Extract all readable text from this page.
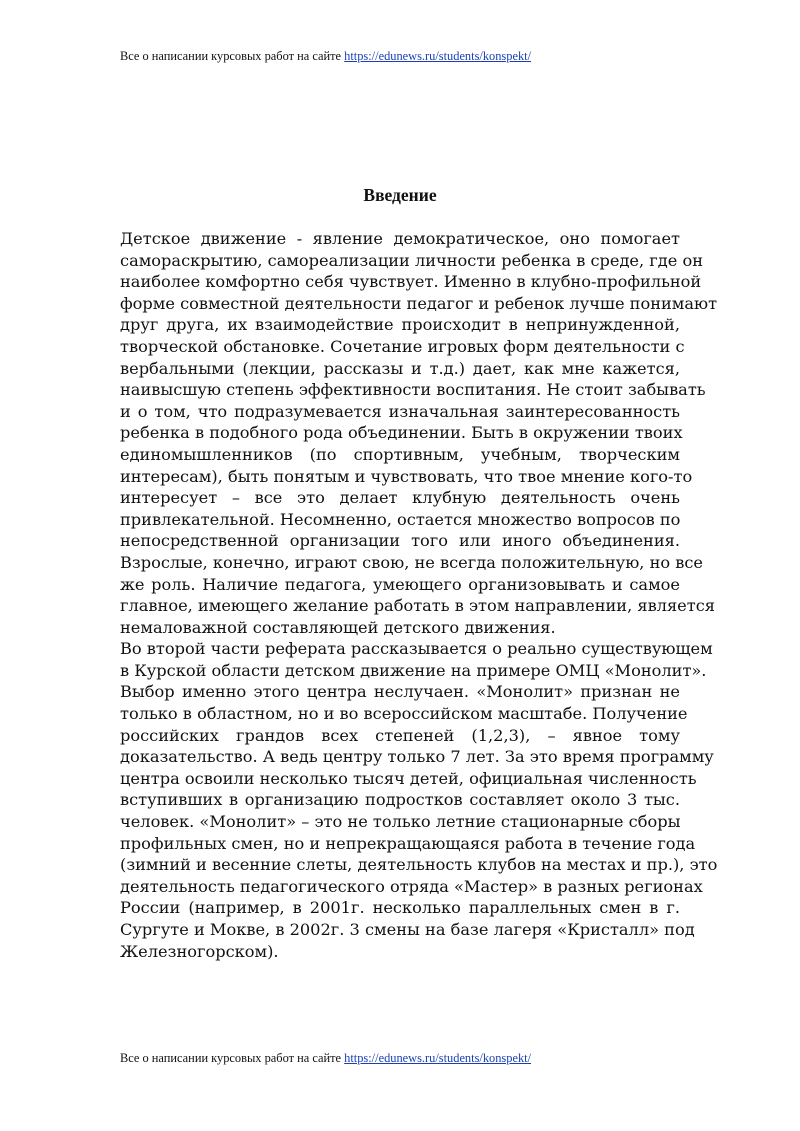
Все о написании курсовых работ на сайте https://edunews.ru/students/konspekt/
Введение
Детское движение - явление демократическое, оно помогает
самораскрытию, самореализации личности ребенка в среде, где он
наиболее комфортно себя чувствует. Именно в клубно-профильной
форме совместной деятельности педагог и ребенок лучше понимают
друг друга, их взаимодействие происходит в непринужденной,
творческой обстановке. Сочетание игровых форм деятельности с
вербальными (лекции, рассказы и т.д.) дает, как мне кажется,
наивысшую степень эффективности воспитания. Не стоит забывать
и о том, что подразумевается изначальная заинтересованность
ребенка в подобного рода объединении. Быть в окружении твоих
единомышленников (по спортивным, учебным, творческим
интересам), быть понятым и чувствовать, что твое мнение кого-то
интересует – все это делает клубную деятельность очень
привлекательной. Несомненно, остается множество вопросов по
непосредственной организации того или иного объединения.
Взрослые, конечно, играют свою, не всегда положительную, но все
же роль. Наличие педагога, умеющего организовывать и самое
главное, имеющего желание работать в этом направлении, является
немаловажной составляющей детского движения.
Во второй части реферата рассказывается о реально существующем
в Курской области детском движение на примере ОМЦ «Монолит».
Выбор именно этого центра неслучаен. «Монолит» признан не
только в областном, но и во всероссийском масштабе. Получение
российских грандов всех степеней (1,2,3), – явное тому
доказательство. А ведь центру только 7 лет. За это время программу
центра освоили несколько тысяч детей, официальная численность
вступивших в организацию подростков составляет около 3 тыс.
человек. «Монолит» – это не только летние стационарные сборы
профильных смен, но и непрекращающаяся работа в течение года
(зимний и весенние слеты, деятельность клубов на местах и пр.), это
деятельность педагогического отряда «Мастер» в разных регионах
России (например, в 2001г. несколько параллельных смен в г.
Сургуте и Мокве, в 2002г. 3 смены на базе лагеря «Кристалл» под
Железногорском).
Все о написании курсовых работ на сайте https://edunews.ru/students/konspekt/
